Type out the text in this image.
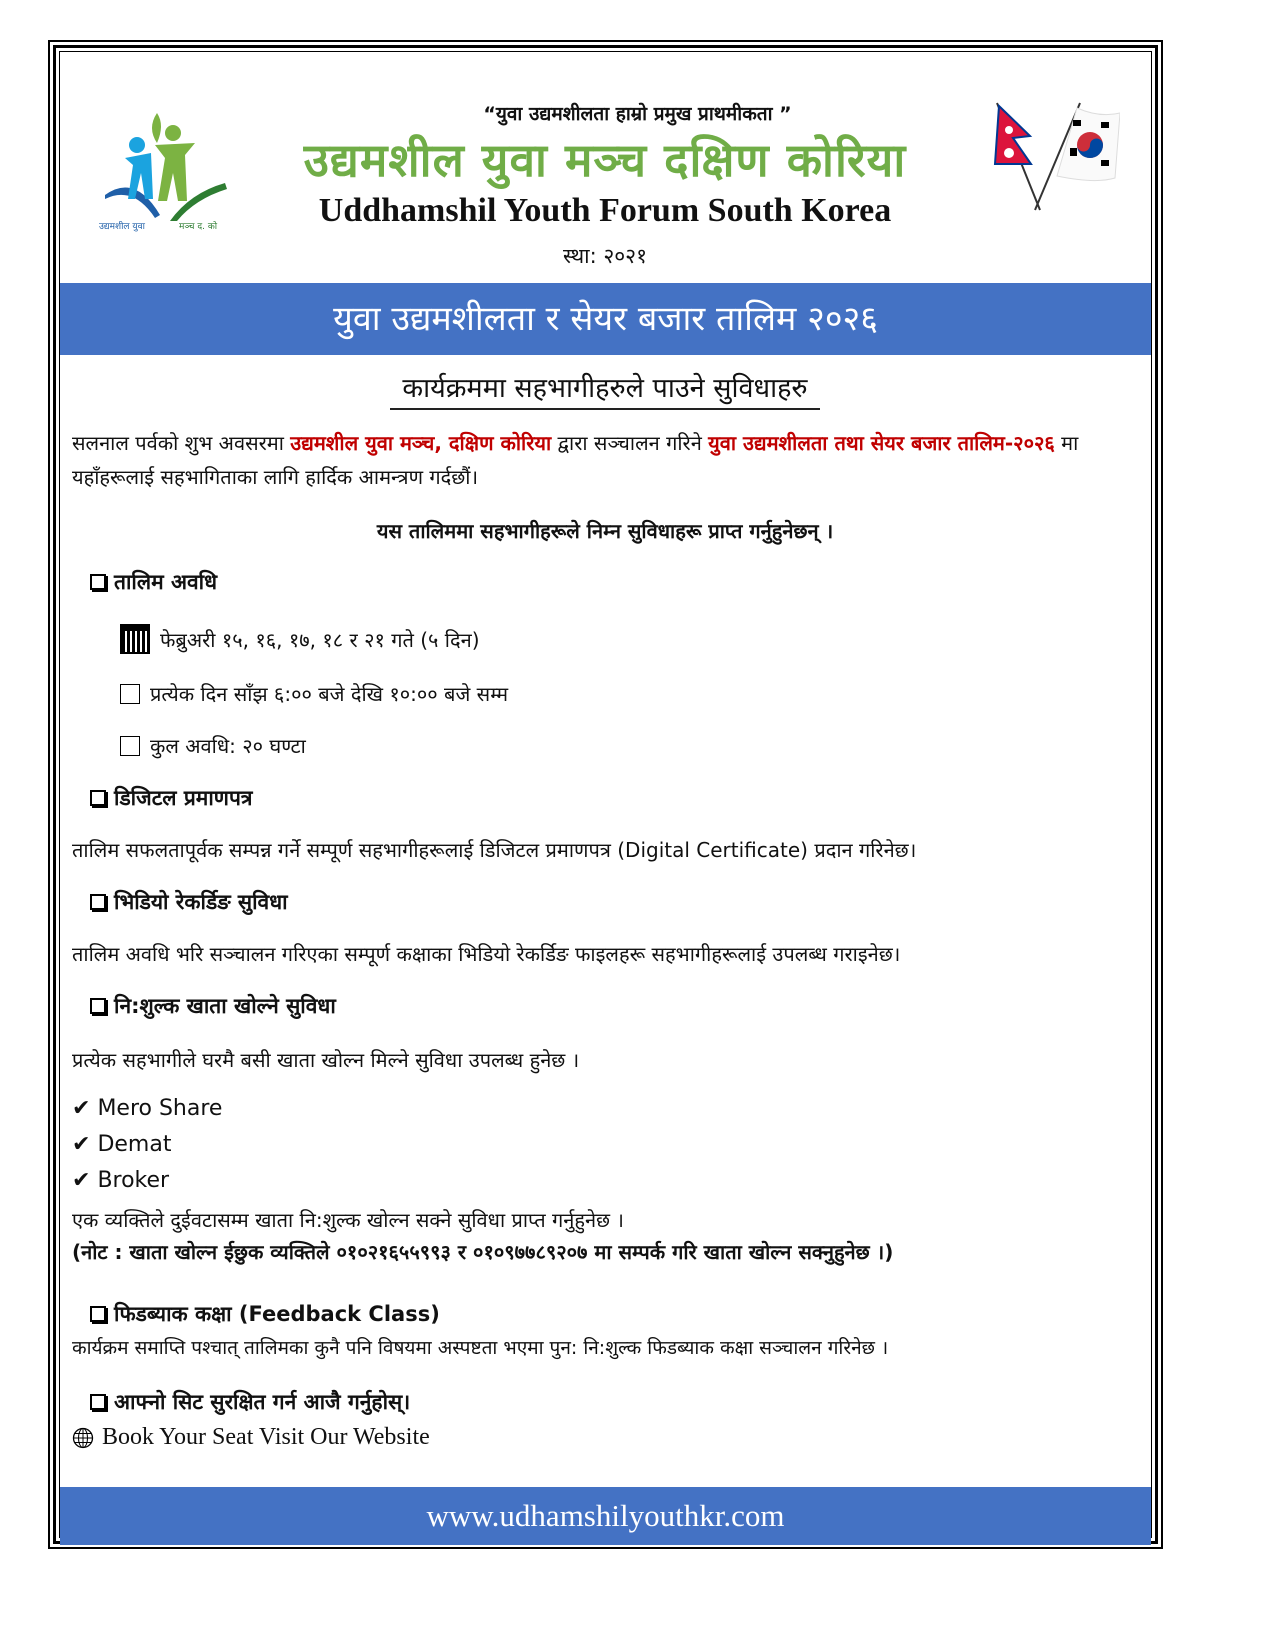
उद्यमशील युवा	मञ्च द. को
“युवा उद्यमशीलता हाम्रो प्रमुख प्राथमीकता ”
उद्यमशील युवा मञ्च दक्षिण कोरिया
Uddhamshil Youth Forum South Korea
स्था: २०२१
युवा उद्यमशीलता र सेयर बजार तालिम २०२६
कार्यक्रममा सहभागीहरुले पाउने सुविधाहरु
सलनाल पर्वको शुभ अवसरमा उद्यमशील युवा मञ्च, दक्षिण कोरिया द्वारा सञ्चालन गरिने युवा उद्यमशीलता तथा सेयर बजार तालिम-२०२६ मा यहाँहरूलाई सहभागिताका लागि हार्दिक आमन्त्रण गर्दछौं।
यस तालिममा सहभागीहरूले निम्न सुविधाहरू प्राप्त गर्नुहुनेछन् ।
तालिम अवधि
फेब्रुअरी १५, १६, १७, १८ र २१ गते (५ दिन)
प्रत्येक दिन साँझ ६:०० बजे देखि १०:०० बजे सम्म
कुल अवधि: २० घण्टा
डिजिटल प्रमाणपत्र
तालिम सफलतापूर्वक सम्पन्न गर्ने सम्पूर्ण सहभागीहरूलाई डिजिटल प्रमाणपत्र (Digital Certificate) प्रदान गरिनेछ।
भिडियो रेकर्डिङ सुविधा
तालिम अवधि भरि सञ्चालन गरिएका सम्पूर्ण कक्षाका भिडियो रेकर्डिङ फाइलहरू सहभागीहरूलाई उपलब्ध गराइनेछ।
नि:शुल्क खाता खोल्ने सुविधा
प्रत्येक सहभागीले घरमै बसी खाता खोल्न मिल्ने सुविधा उपलब्ध हुनेछ ।
✔ Mero Share
✔ Demat
✔ Broker
एक व्यक्तिले दुईवटासम्म खाता नि:शुल्क खोल्न सक्ने सुविधा प्राप्त गर्नुहुनेछ ।
(नोट : खाता खोल्न ईछुक व्यक्तिले ०१०२१६५५९९३ र ०१०९७७८९२०७ मा सम्पर्क गरि खाता खोल्न सक्नुहुनेछ ।)
फिडब्याक कक्षा (Feedback Class)
कार्यक्रम समाप्ति पश्चात् तालिमका कुनै पनि विषयमा अस्पष्टता भएमा पुन: नि:शुल्क फिडब्याक कक्षा सञ्चालन गरिनेछ ।
आफ्नो सिट सुरक्षित गर्न आजै गर्नुहोस्।
Book Your Seat Visit Our Website
www.udhamshilyouthkr.com
